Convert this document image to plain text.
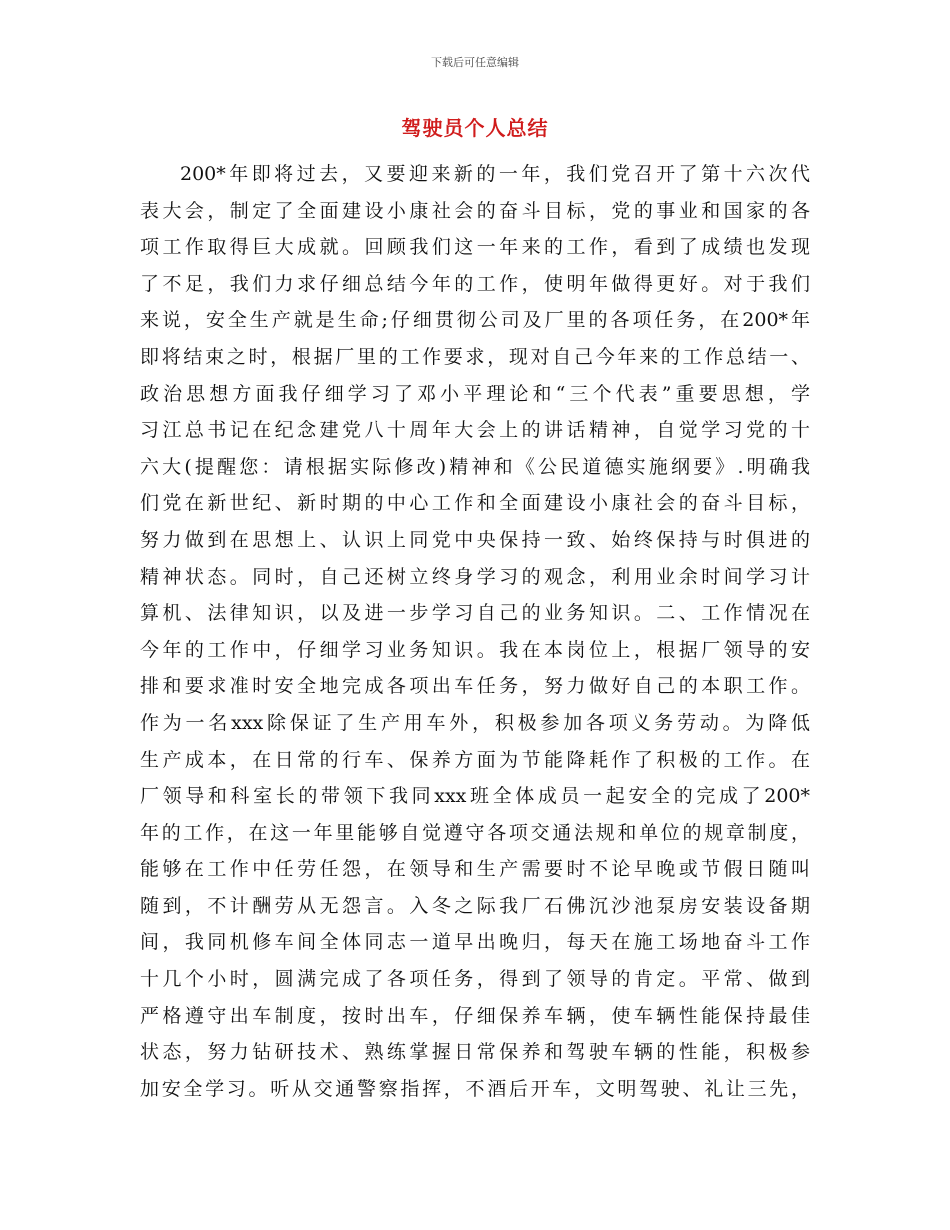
下载后可任意编辑
驾驶员个人总结
200*年即将过去，又要迎来新的一年，我们党召开了第十六次代
表大会，制定了全面建设小康社会的奋斗目标，党的事业和国家的各
项工作取得巨大成就。回顾我们这一年来的工作，看到了成绩也发现
了不足，我们力求仔细总结今年的工作，使明年做得更好。对于我们
来说，安全生产就是生命;仔细贯彻公司及厂里的各项任务，在200*年
即将结束之时，根据厂里的工作要求，现对自己今年来的工作总结一、
政治思想方面我仔细学习了邓小平理论和“三个代表”重要思想，学
习江总书记在纪念建党八十周年大会上的讲话精神，自觉学习党的十
六大(提醒您：请根据实际修改)精神和《公民道德实施纲要》.明确我
们党在新世纪、新时期的中心工作和全面建设小康社会的奋斗目标，
努力做到在思想上、认识上同党中央保持一致、始终保持与时俱进的
精神状态。同时，自己还树立终身学习的观念，利用业余时间学习计
算机、法律知识，以及进一步学习自己的业务知识。二、工作情况在
今年的工作中，仔细学习业务知识。我在本岗位上，根据厂领导的安
排和要求准时安全地完成各项出车任务，努力做好自己的本职工作。
作为一名xxx除保证了生产用车外，积极参加各项义务劳动。为降低
生产成本，在日常的行车、保养方面为节能降耗作了积极的工作。在
厂领导和科室长的带领下我同xxx班全体成员一起安全的完成了200*
年的工作，在这一年里能够自觉遵守各项交通法规和单位的规章制度，
能够在工作中任劳任怨，在领导和生产需要时不论早晚或节假日随叫
随到，不计酬劳从无怨言。入冬之际我厂石佛沉沙池泵房安装设备期
间，我同机修车间全体同志一道早出晚归，每天在施工场地奋斗工作
十几个小时，圆满完成了各项任务，得到了领导的肯定。平常、做到
严格遵守出车制度，按时出车，仔细保养车辆，使车辆性能保持最佳
状态，努力钻研技术、熟练掌握日常保养和驾驶车辆的性能，积极参
加安全学习。听从交通警察指挥，不酒后开车，文明驾驶、礼让三先，
